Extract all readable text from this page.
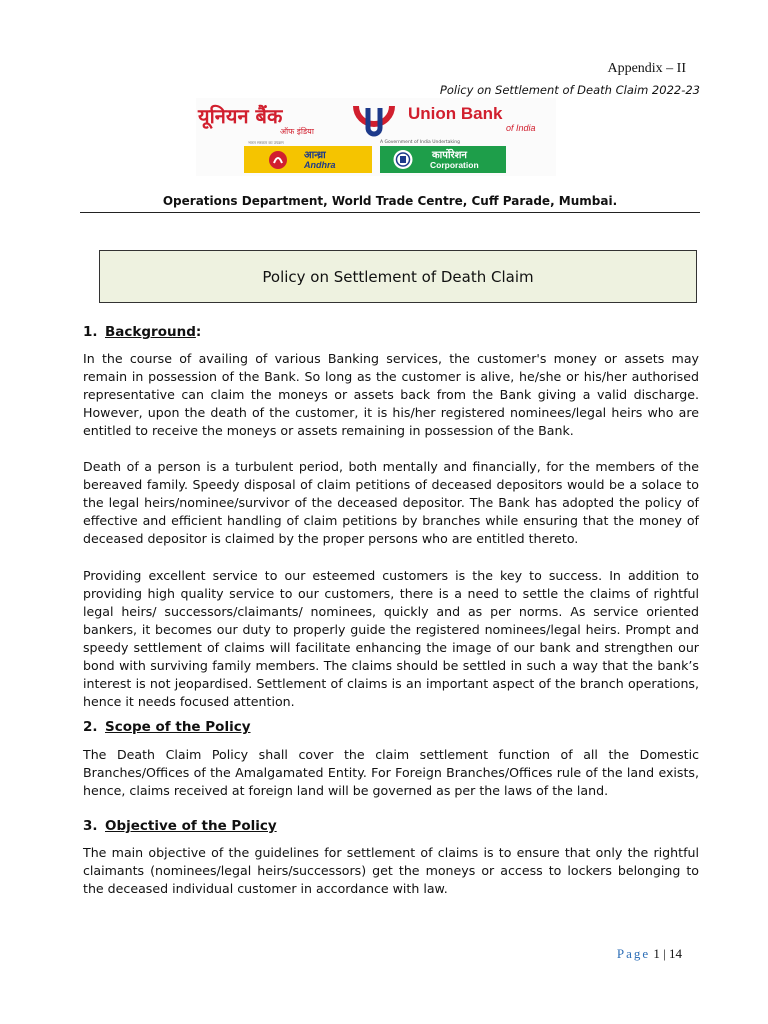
Appendix – II
Policy on Settlement of Death Claim 2022-23
यूनियन बैंक
ऑफ इंडिया
Union Bank
of India
भारत सरकार का उपक्रम	A Government of India Undertaking
आन्ध्रा
Andhra
कार्पोरेशन
Corporation
Operations Department, World Trade Centre, Cuff Parade, Mumbai.
Policy on Settlement of Death Claim
1. Background:

In the course of availing of various Banking services, the customer's money or assets may remain in possession of the Bank. So long as the customer is alive, he/she or his/her authorised representative can claim the moneys or assets back from the Bank giving a valid discharge. However, upon the death of the customer, it is his/her registered nominees/legal heirs who are entitled to receive the moneys or assets remaining in possession of the Bank.

Death of a person is a turbulent period, both mentally and financially, for the members of the bereaved family. Speedy disposal of claim petitions of deceased depositors would be a solace to the legal heirs/nominee/survivor of the deceased depositor. The Bank has adopted the policy of effective and efficient handling of claim petitions by branches while ensuring that the money of deceased depositor is claimed by the proper persons who are entitled thereto.

Providing excellent service to our esteemed customers is the key to success. In addition to providing high quality service to our customers, there is a need to settle the claims of rightful legal heirs/ successors/claimants/ nominees, quickly and as per norms. As service oriented bankers, it becomes our duty to properly guide the registered nominees/legal heirs. Prompt and speedy settlement of claims will facilitate enhancing the image of our bank and strengthen our bond with surviving family members. The claims should be settled in such a way that the bank’s interest is not jeopardised. Settlement of claims is an important aspect of the branch operations, hence it needs focused attention.

2. Scope of the Policy

The Death Claim Policy shall cover the claim settlement function of all the Domestic Branches/Offices of the Amalgamated Entity. For Foreign Branches/Offices rule of the land exists, hence, claims received at foreign land will be governed as per the laws of the land.

3. Objective of the Policy

The main objective of the guidelines for settlement of claims is to ensure that only the rightful claimants (nominees/legal heirs/successors) get the moneys or access to lockers belonging to the deceased individual customer in accordance with law.

Page 1 | 14
